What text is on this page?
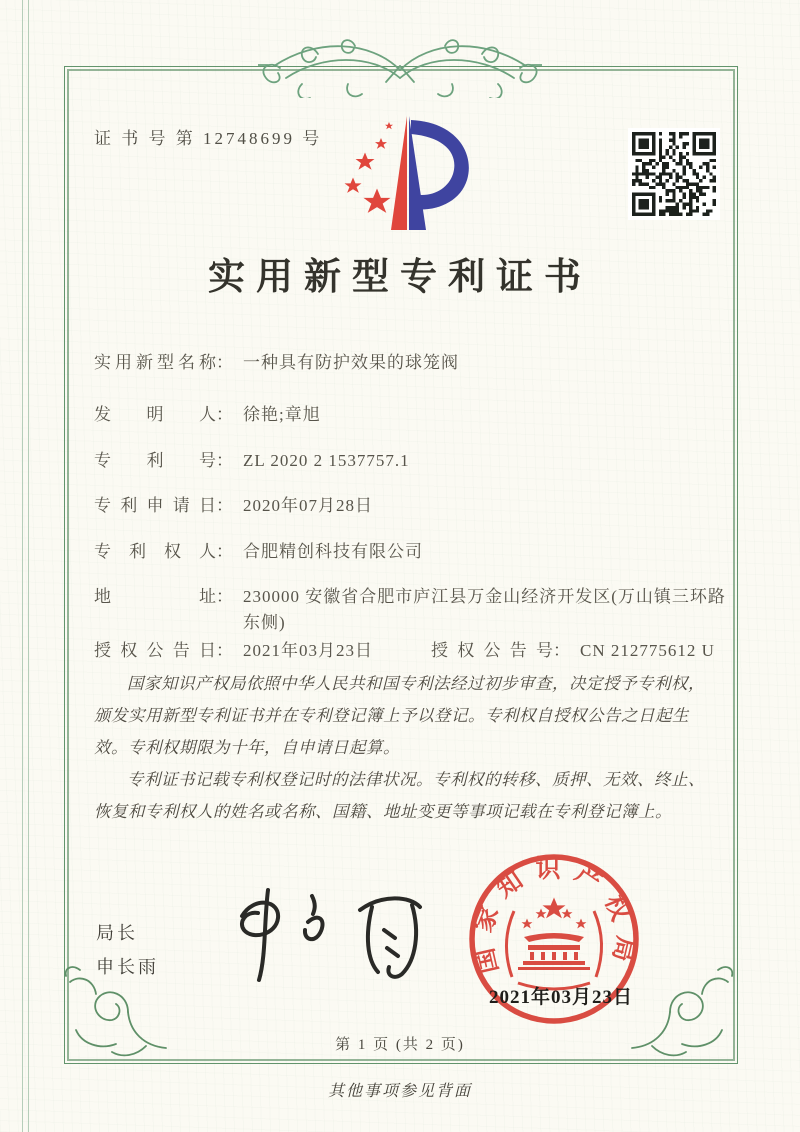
证 书 号 第 12748699 号
实用新型专利证书
实用新型名称 ： 一种具有防护效果的球笼阀
发　明　人 ： 徐艳;章旭
专　利　号 ： ZL 2020 2 1537757.1
专利申请日 ： 2020年07月28日
专 利 权 人 ： 合肥精创科技有限公司
地　　址 ： 230000 安徽省合肥市庐江县万金山经济开发区(万山镇三环路东侧)
授权公告日 ： 2021年03月23日	授权公告号 ： CN 212775612 U

国家知识产权局依照中华人民共和国专利法经过初步审查，决定授予专利权，颁发实用新型专利证书并在专利登记簿上予以登记。专利权自授权公告之日起生效。专利权期限为十年，自申请日起算。

专利证书记载专利权登记时的法律状况。专利权的转移、质押、无效、终止、恢复和专利权人的姓名或名称、国籍、地址变更等事项记载在专利登记簿上。

局长
申长雨	国家知识产权局
2021年03月23日
第 1 页 (共 2 页)
其他事项参见背面
